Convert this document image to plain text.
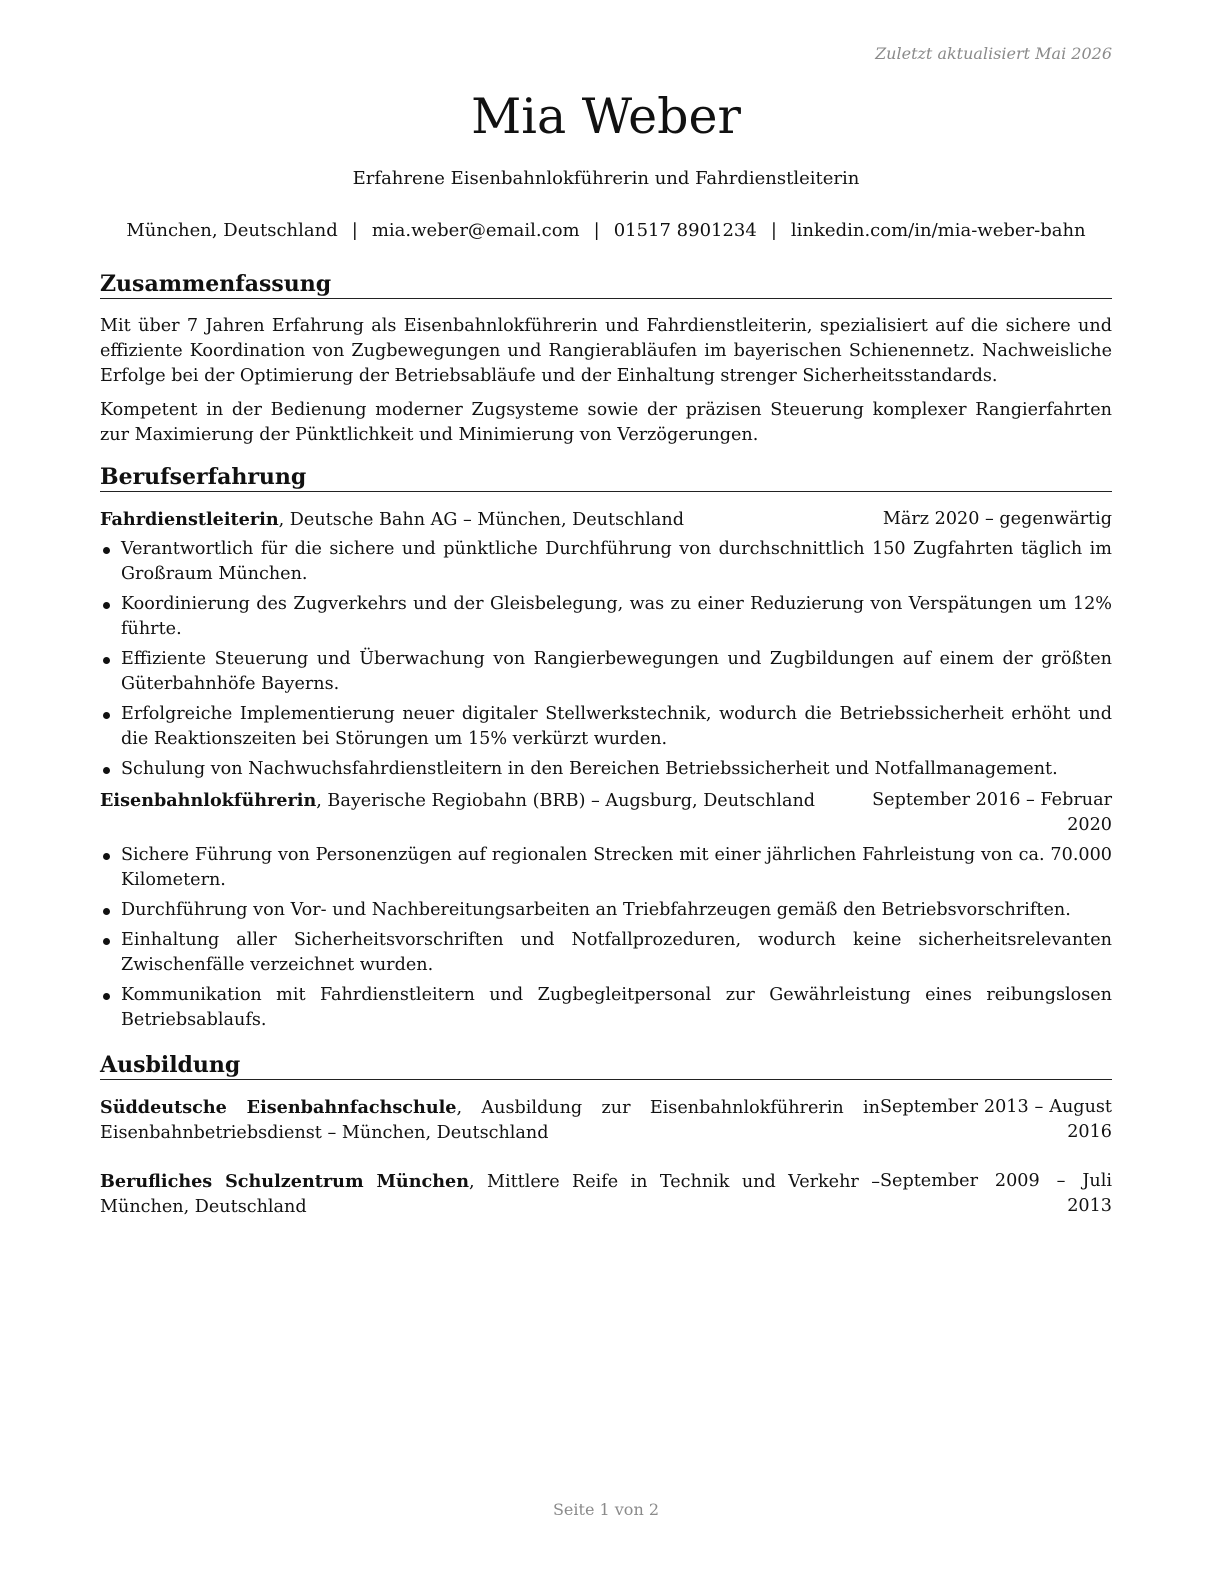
Zuletzt aktualisiert Mai 2026
Mia Weber
Erfahrene Eisenbahnlokführerin und Fahrdienstleiterin
München, Deutschland | mia.weber@email.com | 01517 8901234 | linkedin.com/in/mia-weber-bahn
Zusammenfassung

Mit über 7 Jahren Erfahrung als Eisenbahnlokführerin und Fahrdienstleiterin, spezialisiert auf die sichere und effiziente Koordination von Zugbewegungen und Rangierabläufen im bayerischen Schienennetz. Nachweisliche Erfolge bei der Optimierung der Betriebsabläufe und der Einhaltung strenger Sicherheitsstandards.

Kompetent in der Bedienung moderner Zugsysteme sowie der präzisen Steuerung komplexer Rangierfahrten zur Maximierung der Pünktlichkeit und Minimierung von Verzögerungen.

Berufserfahrung
Fahrdienstleiterin, Deutsche Bahn AG – München, Deutschland	März 2020 – gegenwärtig
Verantwortlich für die sichere und pünktliche Durchführung von durchschnittlich 150 Zugfahrten täglich im Großraum München.
Koordinierung des Zugverkehrs und der Gleisbelegung, was zu einer Reduzierung von Verspätungen um 12% führte.
Effiziente Steuerung und Überwachung von Rangierbewegungen und Zugbildungen auf einem der größten Güterbahnhöfe Bayerns.
Erfolgreiche Implementierung neuer digitaler Stellwerkstechnik, wodurch die Betriebssicherheit erhöht und die Reaktionszeiten bei Störungen um 15% verkürzt wurden.
Schulung von Nachwuchsfahrdienstleitern in den Bereichen Betriebssicherheit und Notfallmanagement.
Eisenbahnlokführerin, Bayerische Regiobahn (BRB) – Augsburg, Deutschland	September 2016 – Februar
2020
Sichere Führung von Personenzügen auf regionalen Strecken mit einer jährlichen Fahrleistung von ca. 70.000 Kilometern.
Durchführung von Vor- und Nachbereitungsarbeiten an Triebfahrzeugen gemäß den Betriebsvorschriften.
Einhaltung aller Sicherheitsvorschriften und Notfallprozeduren, wodurch keine sicherheitsrelevanten Zwischenfälle verzeichnet wurden.
Kommunikation mit Fahrdienstleitern und Zugbegleitpersonal zur Gewährleistung eines reibungslosen Betriebsablaufs.
Ausbildung
Süddeutsche Eisenbahnfachschule, Ausbildung zur Eisenbahnlokführerin in Eisenbahnbetriebsdienst – München, Deutschland
September 2013 – August
2016
Berufliches Schulzentrum München, Mittlere Reife in Technik und Verkehr – München, Deutschland
September 2009 – Juli
2013
Seite 1 von 2
